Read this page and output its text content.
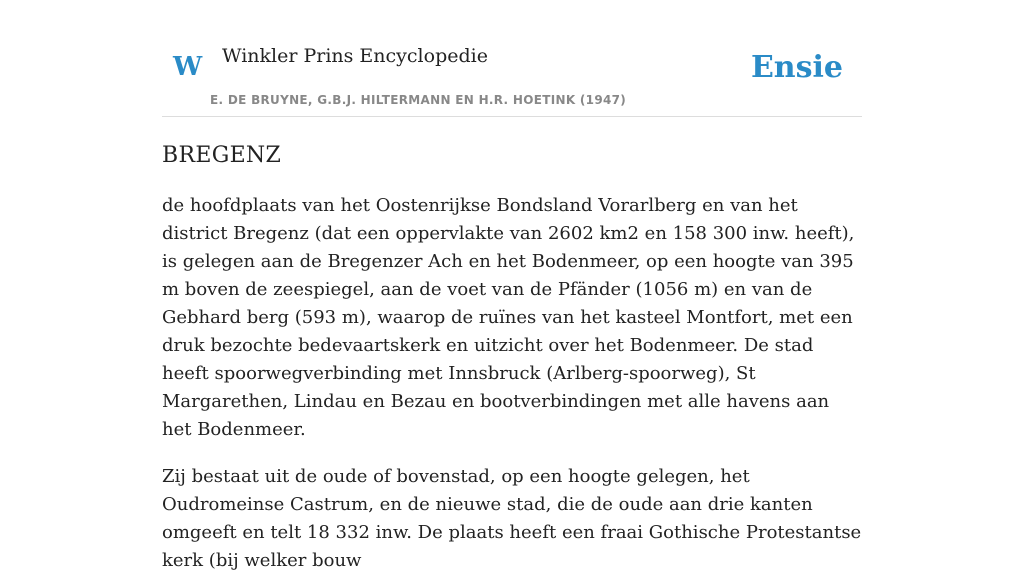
W Winkler Prins Encyclopedie
E. DE BRUYNE, G.B.J. HILTERMANN EN H.R. HOETINK (1947)
Ensie
BREGENZ

de hoofdplaats van het Oostenrijkse Bondsland Vorarlberg en van het district Bregenz (dat een oppervlakte van 2602 km2 en 158 300 inw. heeft), is gelegen aan de Bregenzer Ach en het Bodenmeer, op een hoogte van 395 m boven de zeespiegel, aan de voet van de Pfänder (1056 m) en van de Gebhard berg (593 m), waarop de ruïnes van het kasteel Montfort, met een druk bezochte bedevaartskerk en uitzicht over het Bodenmeer. De stad heeft spoorwegverbinding met Innsbruck (Arlberg-spoorweg), St Margarethen, Lindau en Bezau en bootverbindingen met alle havens aan het Bodenmeer.

Zij bestaat uit de oude of bovenstad, op een hoogte gelegen, het Oudromeinse Castrum, en de nieuwe stad, die de oude aan drie kanten omgeeft en telt 18 332 inw. De plaats heeft een fraai Gothische Protestantse kerk (bij welker bouw
